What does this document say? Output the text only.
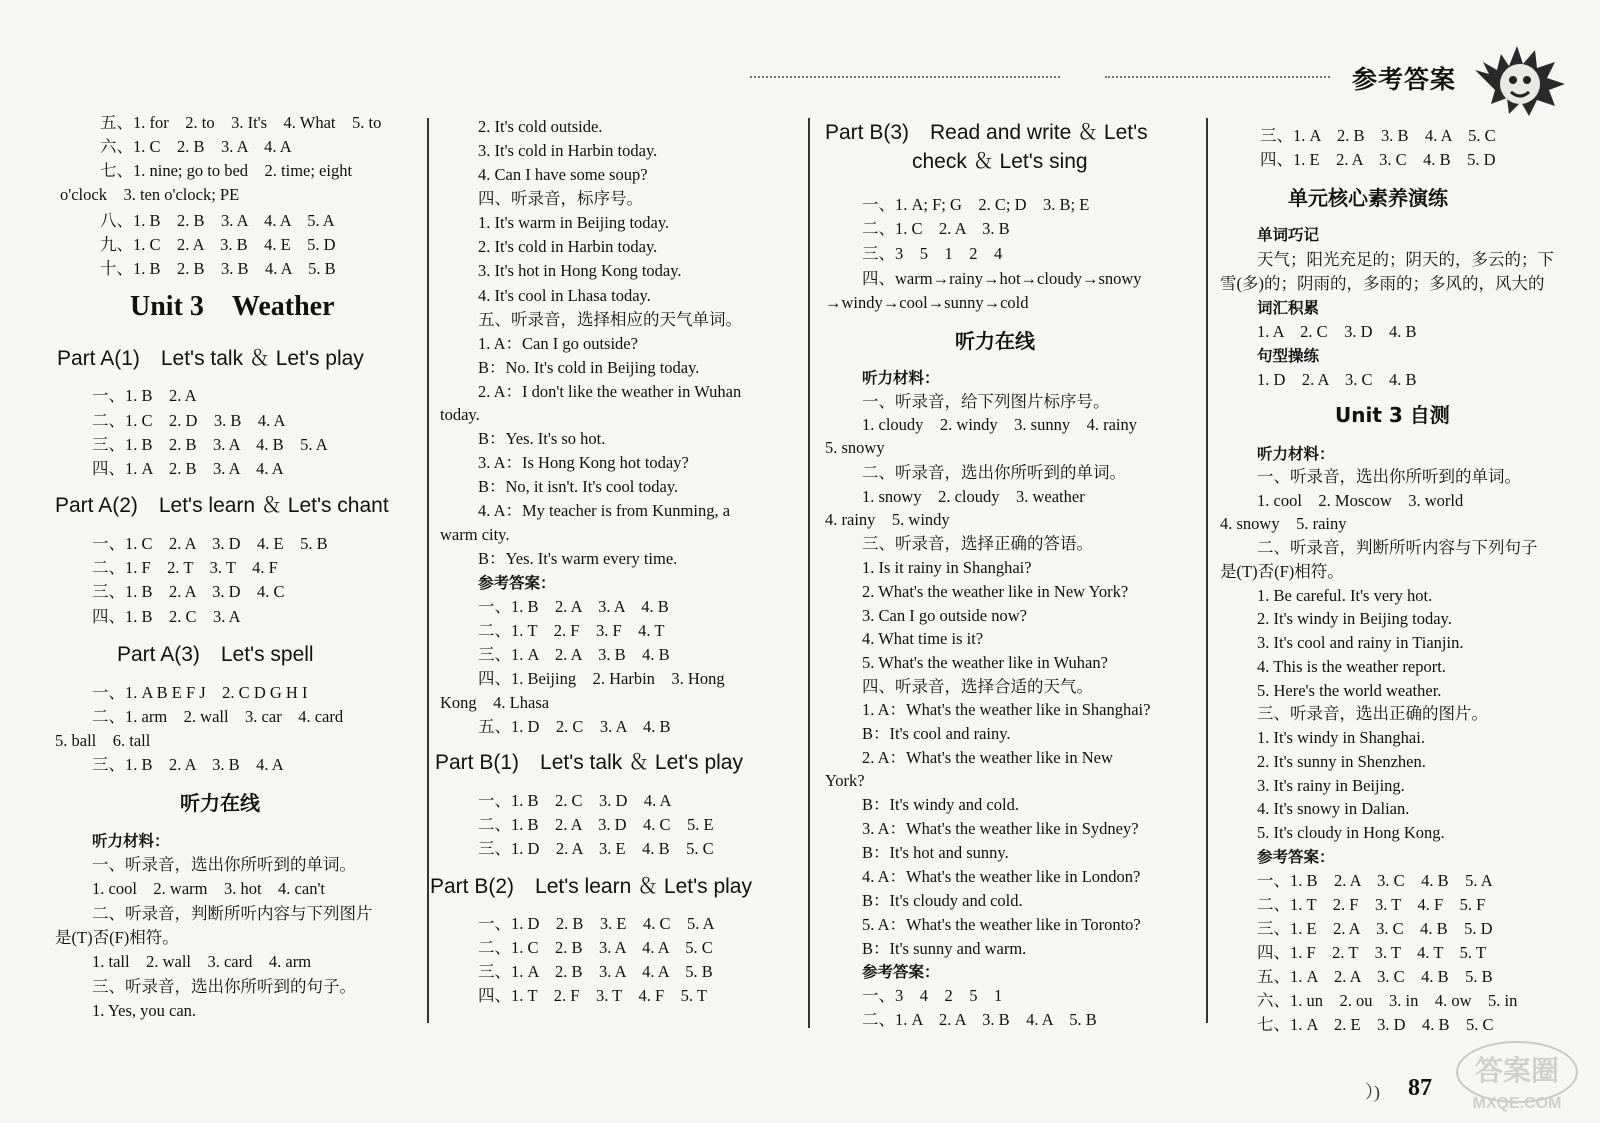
参考答案
五、1. for　2. to　3. It's　4. What　5. to
六、1. C　2. B　3. A　4. A
七、1. nine; go to bed　2. time; eight
o'clock　3. ten o'clock; PE
八、1. B　2. B　3. A　4. A　5. A
九、1. C　2. A　3. B　4. E　5. D
十、1. B　2. B　3. B　4. A　5. B
Unit 3　Weather
Part A(1)　Let's talk ＆ Let's play
一、1. B　2. A
二、1. C　2. D　3. B　4. A
三、1. B　2. B　3. A　4. B　5. A
四、1. A　2. B　3. A　4. A
Part A(2)　Let's learn ＆ Let's chant
一、1. C　2. A　3. D　4. E　5. B
二、1. F　2. T　3. T　4. F
三、1. B　2. A　3. D　4. C
四、1. B　2. C　3. A
Part A(3)　Let's spell
一、1. A B E F J　2. C D G H I
二、1. arm　2. wall　3. car　4. card
5. ball　6. tall
三、1. B　2. A　3. B　4. A
听力在线
听力材料：
一、听录音，选出你所听到的单词。
1. cool　2. warm　3. hot　4. can't
二、听录音，判断所听内容与下列图片
是(T)否(F)相符。
1. tall　2. wall　3. card　4. arm
三、听录音，选出你所听到的句子。
1. Yes, you can.
2. It's cold outside.
3. It's cold in Harbin today.
4. Can I have some soup?
四、听录音，标序号。
1. It's warm in Beijing today.
2. It's cold in Harbin today.
3. It's hot in Hong Kong today.
4. It's cool in Lhasa today.
五、听录音，选择相应的天气单词。
1. A：Can I go outside?
B：No. It's cold in Beijing today.
2. A：I don't like the weather in Wuhan
today.
B：Yes. It's so hot.
3. A：Is Hong Kong hot today?
B：No, it isn't. It's cool today.
4. A：My teacher is from Kunming, a
warm city.
B：Yes. It's warm every time.
参考答案：
一、1. B　2. A　3. A　4. B
二、1. T　2. F　3. F　4. T
三、1. A　2. A　3. B　4. B
四、1. Beijing　2. Harbin　3. Hong
Kong　4. Lhasa
五、1. D　2. C　3. A　4. B
Part B(1)　Let's talk ＆ Let's play
一、1. B　2. C　3. D　4. A
二、1. B　2. A　3. D　4. C　5. E
三、1. D　2. A　3. E　4. B　5. C
Part B(2)　Let's learn ＆ Let's play
一、1. D　2. B　3. E　4. C　5. A
二、1. C　2. B　3. A　4. A　5. C
三、1. A　2. B　3. A　4. A　5. B
四、1. T　2. F　3. T　4. F　5. T
Part B(3)　Read and write ＆ Let's
check ＆ Let's sing
一、1. A; F; G　2. C; D　3. B; E
二、1. C　2. A　3. B
三、3　5　1　2　4
四、warm→rainy→hot→cloudy→snowy
→windy→cool→sunny→cold
听力在线
听力材料：
一、听录音，给下列图片标序号。
1. cloudy　2. windy　3. sunny　4. rainy
5. snowy
二、听录音，选出你所听到的单词。
1. snowy　2. cloudy　3. weather
4. rainy　5. windy
三、听录音，选择正确的答语。
1. Is it rainy in Shanghai?
2. What's the weather like in New York?
3. Can I go outside now?
4. What time is it?
5. What's the weather like in Wuhan?
四、听录音，选择合适的天气。
1. A：What's the weather like in Shanghai?
B：It's cool and rainy.
2. A：What's the weather like in New
York?
B：It's windy and cold.
3. A：What's the weather like in Sydney?
B：It's hot and sunny.
4. A：What's the weather like in London?
B：It's cloudy and cold.
5. A：What's the weather like in Toronto?
B：It's sunny and warm.
参考答案：
一、3　4　2　5　1
二、1. A　2. A　3. B　4. A　5. B
三、1. A　2. B　3. B　4. A　5. C
四、1. E　2. A　3. C　4. B　5. D
单元核心素养演练
单词巧记
天气；阳光充足的；阴天的，多云的；下
雪(多)的；阴雨的，多雨的；多风的，风大的
词汇积累
1. A　2. C　3. D　4. B
句型操练
1. D　2. A　3. C　4. B
Unit 3 自测
听力材料：
一、听录音，选出你所听到的单词。
1. cool　2. Moscow　3. world
4. snowy　5. rainy
二、听录音，判断所听内容与下列句子
是(T)否(F)相符。
1. Be careful. It's very hot.
2. It's windy in Beijing today.
3. It's cool and rainy in Tianjin.
4. This is the weather report.
5. Here's the world weather.
三、听录音，选出正确的图片。
1. It's windy in Shanghai.
2. It's sunny in Shenzhen.
3. It's rainy in Beijing.
4. It's snowy in Dalian.
5. It's cloudy in Hong Kong.
参考答案：
一、1. B　2. A　3. C　4. B　5. A
二、1. T　2. F　3. T　4. F　5. F
三、1. E　2. A　3. C　4. B　5. D
四、1. F　2. T　3. T　4. T　5. T
五、1. A　2. A　3. C　4. B　5. B
六、1. un　2. ou　3. in　4. ow　5. in
七、1. A　2. E　3. D　4. B　5. C
）) 87
答案圈
MXQE.COM
